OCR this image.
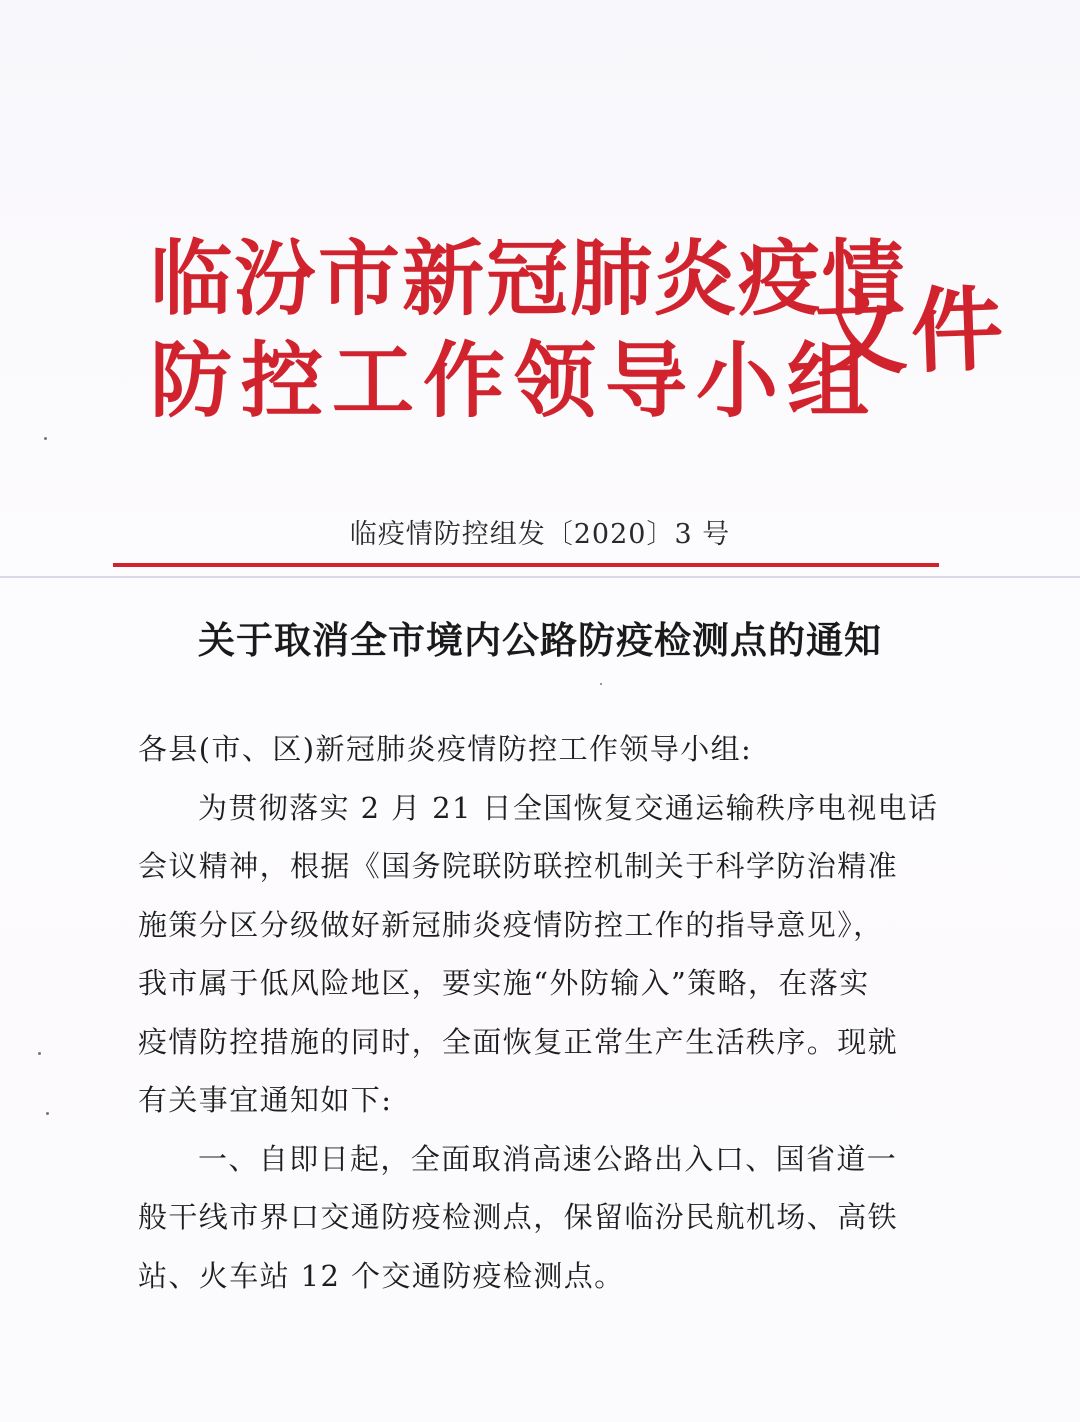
临汾市新冠肺炎疫情
防控工作领导小组
文件
临疫情防控组发〔2020〕3 号
关于取消全市境内公路防疫检测点的通知
各县(市、区)新冠肺炎疫情防控工作领导小组:
为贯彻落实 2 月 21 日全国恢复交通运输秩序电视电话
会议精神，根据《国务院联防联控机制关于科学防治精准
施策分区分级做好新冠肺炎疫情防控工作的指导意见》，
我市属于低风险地区，要实施“外防输入”策略，在落实
疫情防控措施的同时，全面恢复正常生产生活秩序。现就
有关事宜通知如下:
一、自即日起，全面取消高速公路出入口、国省道一
般干线市界口交通防疫检测点，保留临汾民航机场、高铁
站、火车站 12 个交通防疫检测点。
